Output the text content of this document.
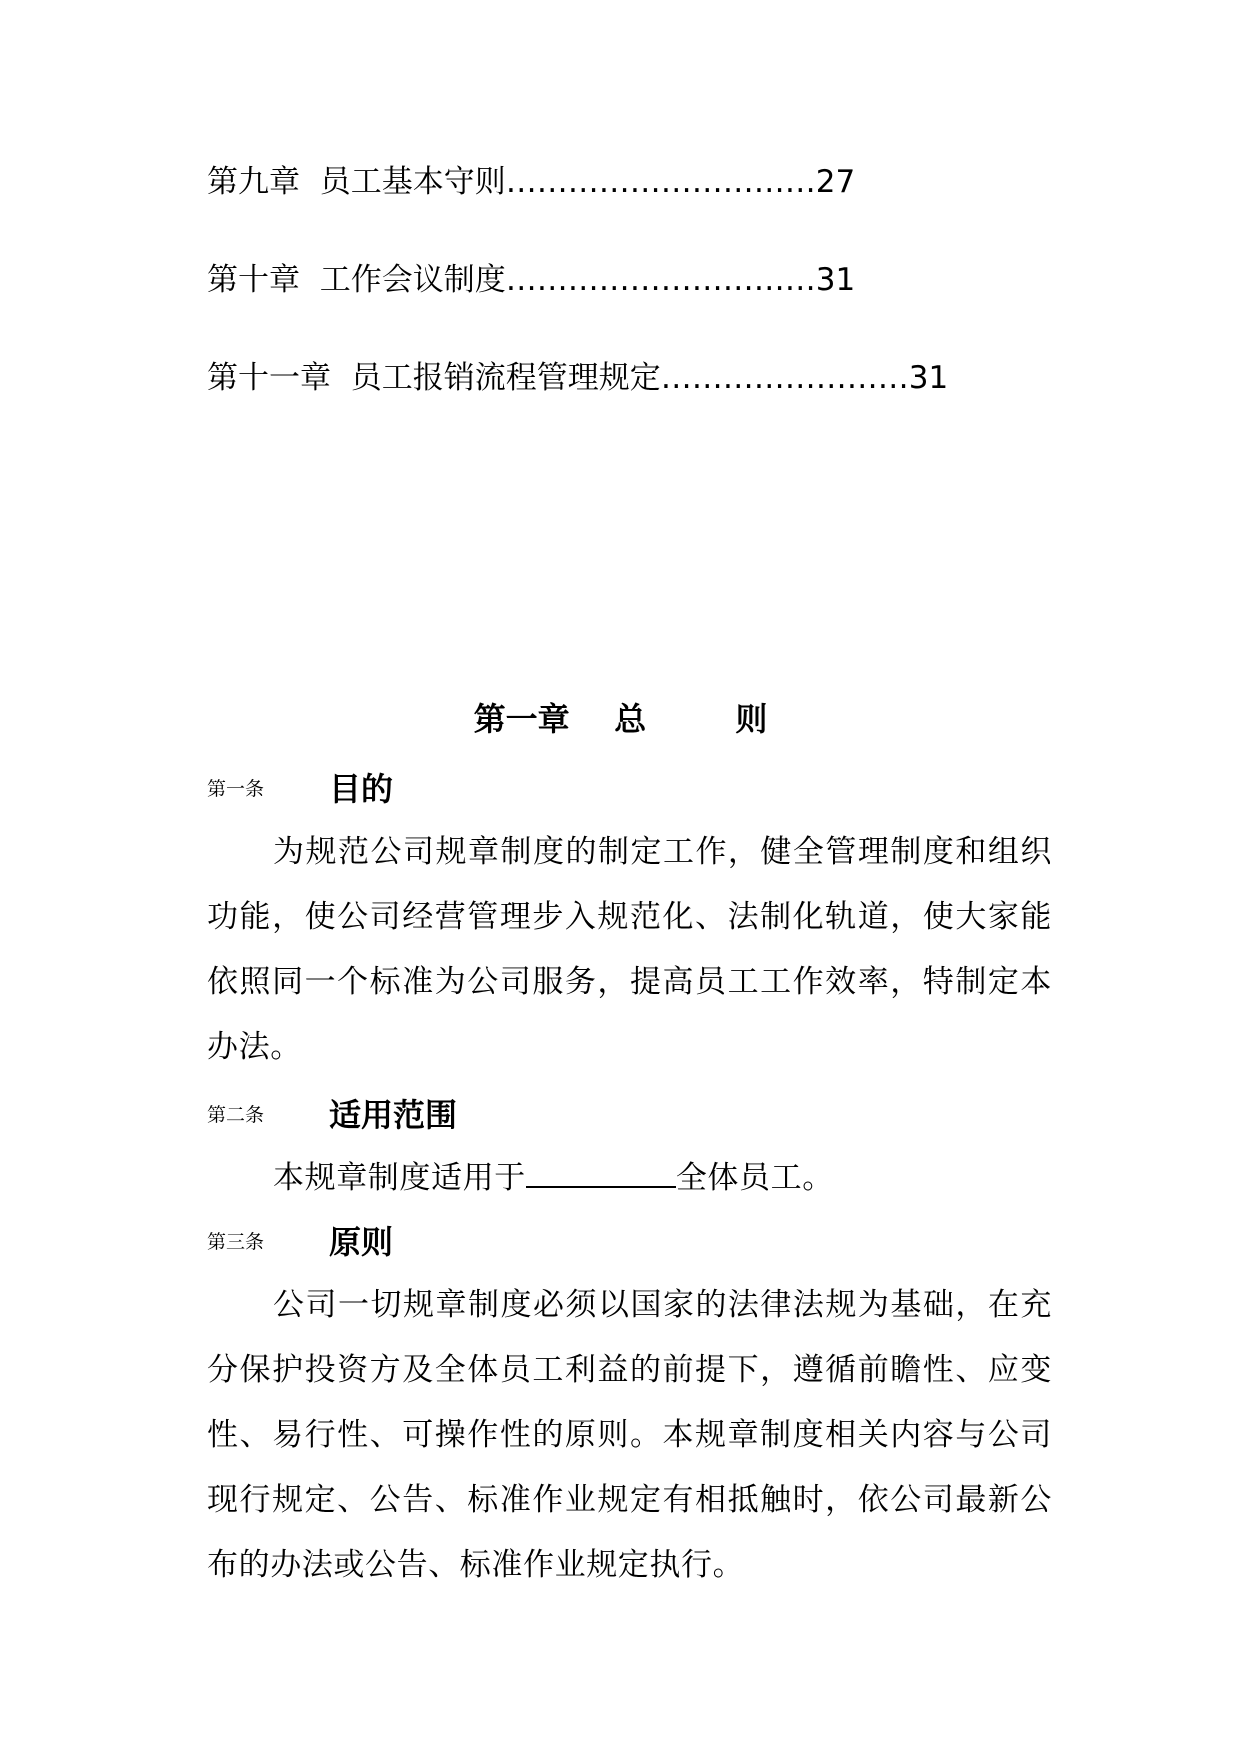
第九章 员工基本守则…………………………27
第十章 工作会议制度…………………………31
第十一章 员工报销流程管理规定……………………31
第一章    总        则
第一条 目的

为规范公司规章制度的制定工作，健全管理制度和组织功能，使公司经营管理步入规范化、法制化轨道，使大家能依照同一个标准为公司服务，提高员工工作效率，特制定本办法。

第二条 适用范围

本规章制度适用于	全体员工。

第三条 原则

公司一切规章制度必须以国家的法律法规为基础，在充分保护投资方及全体员工利益的前提下，遵循前瞻性、应变性、易行性、可操作性的原则。本规章制度相关内容与公司现行规定、公告、标准作业规定有相抵触时，依公司最新公布的办法或公告、标准作业规定执行。
